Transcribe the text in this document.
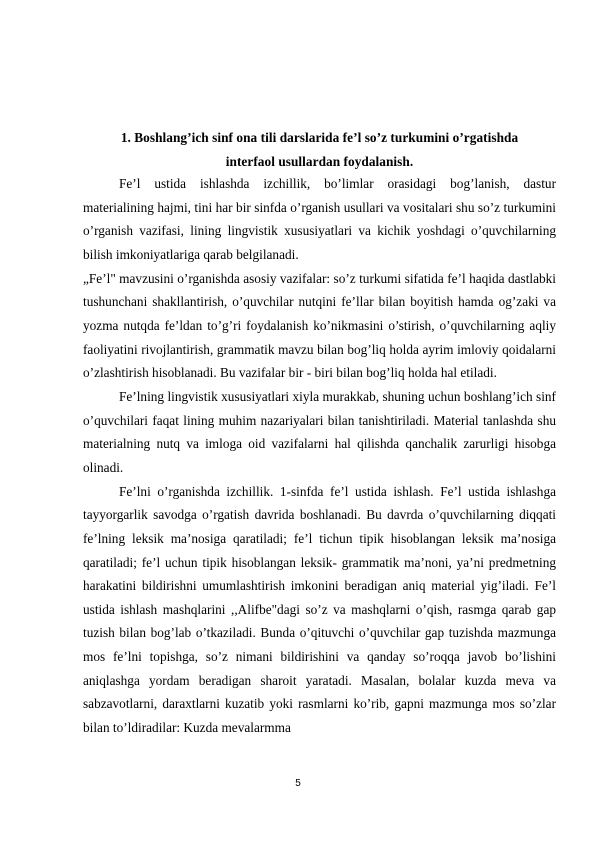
1. Boshlang’ich sinf ona tili darslarida fe’l so’z turkumini o’rgatishda
interfaol usullardan foydalanish.

Fe’l ustida ishlashda izchillik, bo’limlar orasidagi bog’lanish, dastur materialining hajmi, tini har bir sinfda o’rganish usullari va vositalari shu so’z turkumini o’rganish vazifasi, lining lingvistik xususiyatlari va kichik yoshdagi o’quvchilarning bilish imkoniyatlariga qarab belgilanadi.

„Fe’l" mavzusini o’rganishda asosiy vazifalar: so’z turkumi sifatida fe’l haqida dastlabki tushunchani shakllantirish, o’quvchilar nutqini fe’llar bilan boyitish hamda og’zaki va yozma nutqda fe’ldan to’g’ri foydalanish ko’nikmasini o’stirish, o’quvchilarning aqliy faoliyatini rivojlantirish, grammatik mavzu bilan bog’liq holda ayrim imloviy qoidalarni o’zlashtirish hisoblanadi. Bu vazifalar bir - biri bilan bog’liq holda hal etiladi.

Fe’lning lingvistik xususiyatlari xiyla murakkab, shuning uchun boshlang’ich sinf o’quvchilari faqat lining muhim nazariyalari bilan tanishtiriladi. Material tanlashda shu materialning nutq va imloga oid vazifalarni hal qilishda qanchalik zarurligi hisobga olinadi.

Fe’lni o’rganishda izchillik. 1-sinfda fe’l ustida ishlash. Fe’l ustida ishlashga tayyorgarlik savodga o’rgatish davrida boshlanadi. Bu davrda o’quvchilarning diqqati fe’lning leksik ma’nosiga qaratiladi; fe’l tichun tipik hisoblangan leksik ma’nosiga qaratiladi; fe’l uchun tipik hisoblangan leksik- grammatik ma’noni, ya’ni predmetning harakatini bildirishni umumlashtirish imkonini beradigan aniq material yig’iladi. Fe’l ustida ishlash mashqlarini ,,Alifbe"dagi so’z va mashqlarni o’qish, rasmga qarab gap tuzish bilan bog’lab o’tkaziladi. Bunda o’qituvchi o’quvchilar gap tuzishda mazmunga mos fe’lni topishga, so’z nimani bildirishini va qanday so’roqqa javob bo’lishini aniqlashga yordam beradigan sharoit yaratadi. Masalan, bolalar kuzda meva va sabzavotlarni, daraxtlarni kuzatib yoki rasmlarni ko’rib, gapni mazmunga mos so’zlar bilan to’ldiradilar: Kuzda mevalarmma

5
